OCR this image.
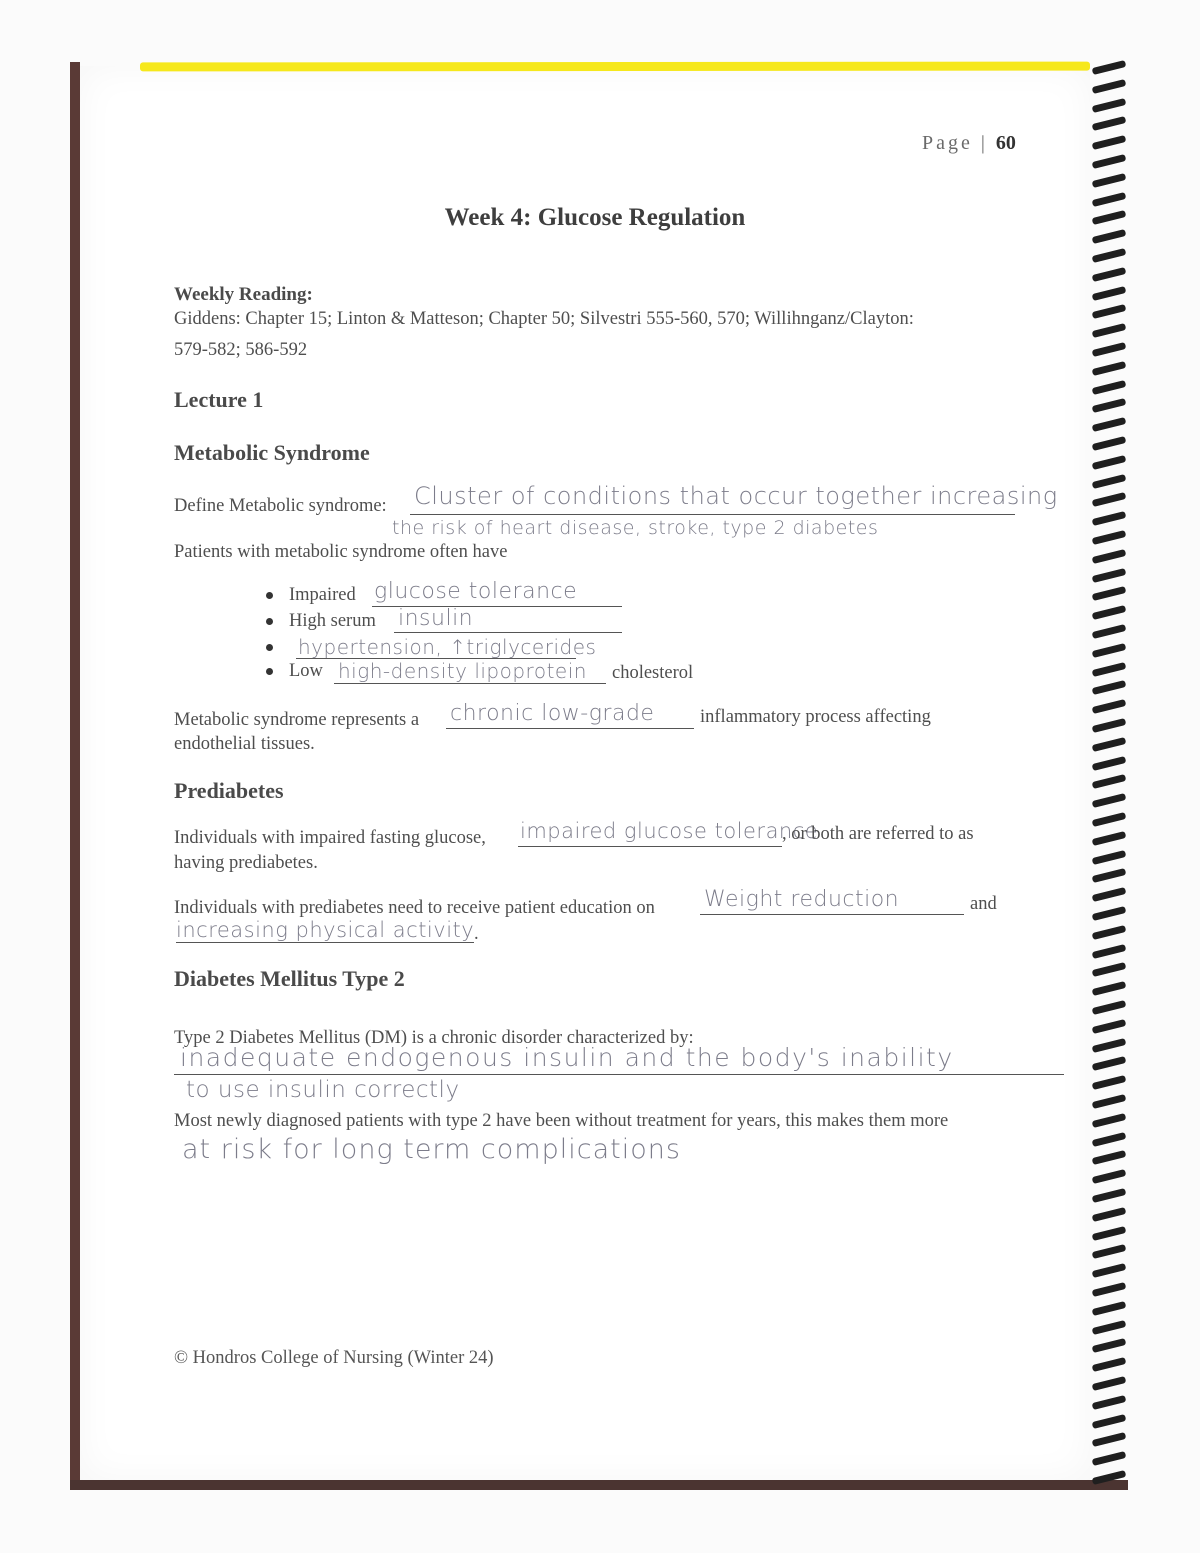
Page | 60
Week 4: Glucose Regulation
Weekly Reading:
Giddens: Chapter 15; Linton & Matteson; Chapter 50; Silvestri 555-560, 570; Willihnganz/Clayton:
579-582; 586-592
Lecture 1
Metabolic Syndrome
Define Metabolic syndrome: Cluster of conditions that occur together increasing
the risk of heart disease, stroke, type 2 diabetes
Patients with metabolic syndrome often have
Impaired glucose tolerance
High serum insulin
hypertension, ↑triglycerides
Low high-density lipoprotein cholesterol
Metabolic syndrome represents a chronic low-grade inflammatory process affecting
endothelial tissues.
Prediabetes
Individuals with impaired fasting glucose, impaired glucose tolerance
, or both are referred to as
having prediabetes.
Individuals with prediabetes need to receive patient education on Weight reduction	and
increasing physical activity .
Diabetes Mellitus Type 2
Type 2 Diabetes Mellitus (DM) is a chronic disorder characterized by:
inadequate endogenous insulin and the body's inability
to use insulin correctly
Most newly diagnosed patients with type 2 have been without treatment for years, this makes them more
at risk for long term complications
© Hondros College of Nursing (Winter 24)
